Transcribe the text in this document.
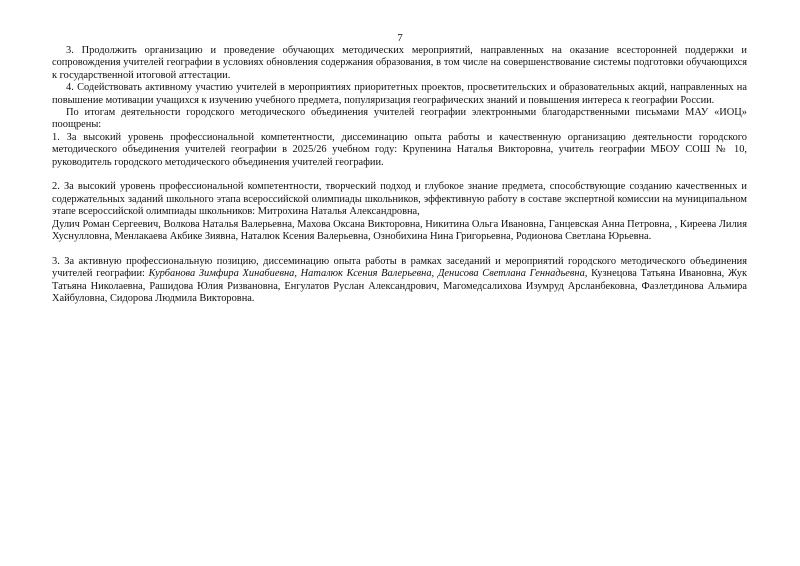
7

3. Продолжить организацию и проведение обучающих методических мероприятий, направленных на оказание всесторонней поддержки и сопровождения учителей географии в условиях обновления содержания образования, в том числе на совершенствование системы подготовки обучающихся к государственной итоговой аттестации.

4. Содействовать активному участию учителей в мероприятиях приоритетных проектов, просветительских и образовательных акций, направленных на повышение мотивации учащихся к изучению учебного предмета, популяризация географических знаний и повышения интереса к географии России.

По итогам деятельности городского методического объединения учителей географии электронными благодарственными письмами МАУ «ИОЦ» поощрены:

1. За высокий уровень профессиональной компетентности, диссеминацию опыта работы и качественную организацию деятельности городского методического объединения учителей географии в 2025/26 учебном году: Крупенина Наталья Викторовна, учитель географии МБОУ СОШ № 10, руководитель городского методического объединения учителей географии.

2. За высокий уровень профессиональной компетентности, творческий подход и глубокое знание предмета, способствующие созданию качественных и содержательных заданий школьного этапа всероссийской олимпиады школьников, эффективную работу в составе экспертной комиссии на муниципальном этапе всероссийской олимпиады школьников: Митрохина Наталья Александровна,

Дулич Роман Сергеевич, Волкова Наталья Валерьевна, Махова Оксана Викторовна, Никитина Ольга Ивановна, Ганцевская Анна Петровна, , Киреева Лилия Хуснулловна, Менлакаева Акбике Зиявна, Наталюк Ксения Валерьевна, Ознобихина Нина Григорьевна, Родионова Светлана Юрьевна.

3. За активную профессиональную позицию, диссеминацию опыта работы в рамках заседаний и мероприятий городского методического объединения учителей географии: Курбанова Зимфира Хинабиевна, Наталюк Ксения Валерьевна, Денисова Светлана Геннадьевна, Кузнецова Татьяна Ивановна, Жук Татьяна Николаевна, Рашидова Юлия Ризвановна, Енгулатов Руслан Александрович, Магомедсалихова Изумруд Арсланбековна, Фазлетдинова Альмира Хайбуловна, Сидорова Людмила Викторовна.
